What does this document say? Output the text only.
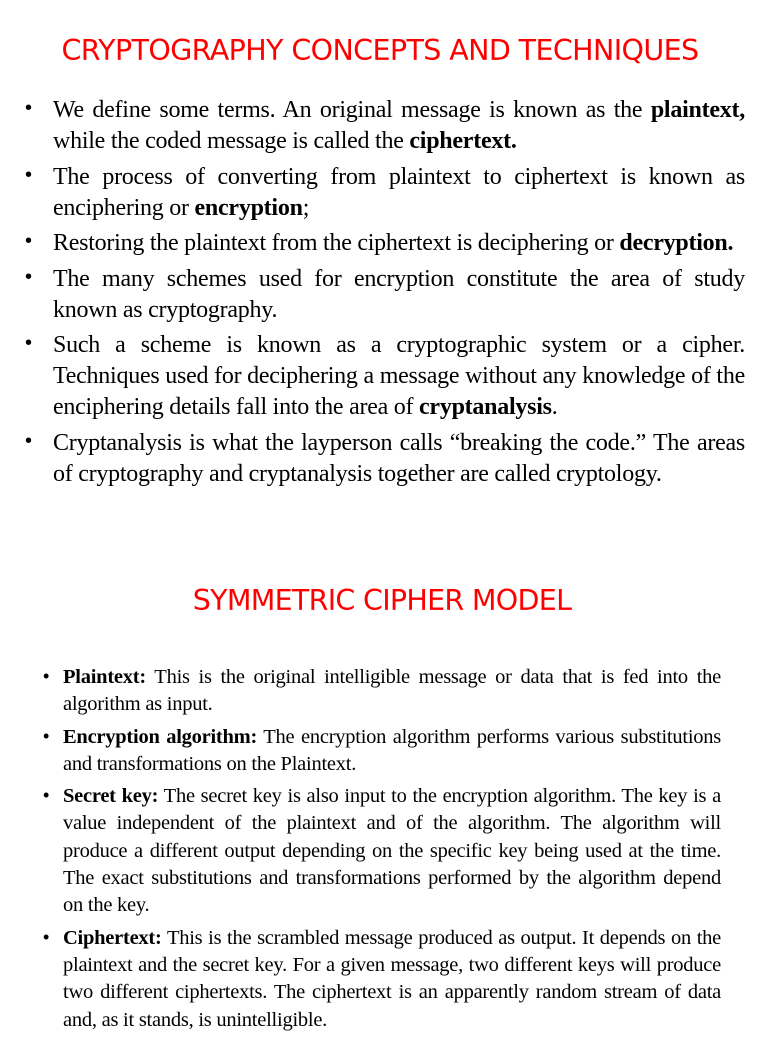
CRYPTOGRAPHY CONCEPTS AND TECHNIQUES
• We define some terms. An original message is known as the plaintext, while the coded message is called the ciphertext.
• The process of converting from plaintext to ciphertext is known as enciphering or encryption;
• Restoring the plaintext from the ciphertext is deciphering or decryption.
• The many schemes used for encryption constitute the area of study known as cryptography.
• Such a scheme is known as a cryptographic system or a cipher. Techniques used for deciphering a message without any knowledge of the enciphering details fall into the area of cryptanalysis.
• Cryptanalysis is what the layperson calls “breaking the code.” The areas of cryptography and cryptanalysis together are called cryptology.
SYMMETRIC CIPHER MODEL
• Plaintext: This is the original intelligible message or data that is fed into the algorithm as input.
• Encryption algorithm: The encryption algorithm performs various substitutions and transformations on the Plaintext.
• Secret key: The secret key is also input to the encryption algorithm. The key is a value independent of the plaintext and of the algorithm. The algorithm will produce a different output depending on the specific key being used at the time. The exact substitutions and transformations performed by the algorithm depend on the key.
• Ciphertext: This is the scrambled message produced as output. It depends on the plaintext and the secret key. For a given message, two different keys will produce two different ciphertexts. The ciphertext is an apparently random stream of data and, as it stands, is unintelligible.
